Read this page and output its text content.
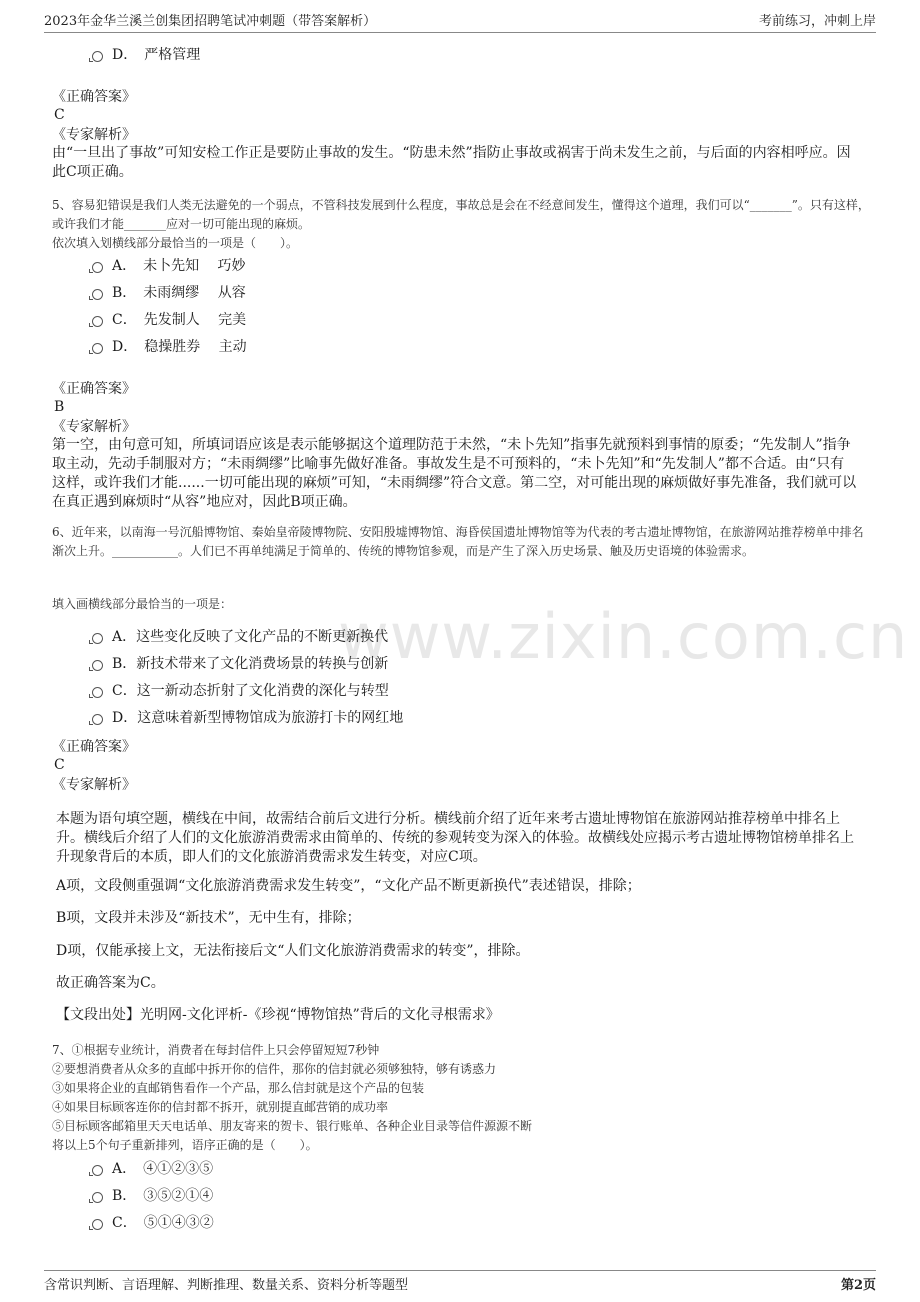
2023年金华兰溪兰创集团招聘笔试冲刺题（带答案解析）	考前练习，冲刺上岸
www.zixin.com.cn
D．　严格管理
《正确答案》
C
《专家解析》
由“一旦出了事故”可知安检工作正是要防止事故的发生。“防患未然”指防止事故或祸害于尚未发生之前，与后面的内容相呼应。因此C项正确。
5、容易犯错误是我们人类无法避免的一个弱点，不管科技发展到什么程度，事故总是会在不经意间发生，懂得这个道理，我们可以“_______”。只有这样，或许我们才能_______应对一切可能出现的麻烦。
依次填入划横线部分最恰当的一项是（　　）。
A．　未卜先知　 巧妙
B．　未雨绸缪　 从容
C．　先发制人　 完美
D．　稳操胜券　 主动
《正确答案》
B
《专家解析》
第一空，由句意可知，所填词语应该是表示能够据这个道理防范于未然，“未卜先知”指事先就预料到事情的原委；“先发制人”指争取主动，先动手制服对方；“未雨绸缪”比喻事先做好准备。事故发生是不可预料的，“未卜先知”和“先发制人”都不合适。由“只有这样，或许我们才能......一切可能出现的麻烦”可知，“未雨绸缪”符合文意。第二空，对可能出现的麻烦做好事先准备，我们就可以在真正遇到麻烦时“从容”地应对，因此B项正确。
6、近年来，以南海一号沉船博物馆、秦始皇帝陵博物院、安阳殷墟博物馆、海昏侯国遗址博物馆等为代表的考古遗址博物馆，在旅游网站推荐榜单中排名渐次上升。___________。人们已不再单纯满足于简单的、传统的博物馆参观，而是产生了深入历史场景、触及历史语境的体验需求。
填入画横线部分最恰当的一项是：
A．这些变化反映了文化产品的不断更新换代
B．新技术带来了文化消费场景的转换与创新
C．这一新动态折射了文化消费的深化与转型
D．这意味着新型博物馆成为旅游打卡的网红地
《正确答案》
C
《专家解析》
本题为语句填空题，横线在中间，故需结合前后文进行分析。横线前介绍了近年来考古遗址博物馆在旅游网站推荐榜单中排名上升。横线后介绍了人们的文化旅游消费需求由简单的、传统的参观转变为深入的体验。故横线处应揭示考古遗址博物馆榜单排名上升现象背后的本质，即人们的文化旅游消费需求发生转变，对应C项。
A项，文段侧重强调“文化旅游消费需求发生转变”，“文化产品不断更新换代”表述错误，排除；
B项，文段并未涉及“新技术”，无中生有，排除；
D项，仅能承接上文，无法衔接后文“人们文化旅游消费需求的转变”，排除。
故正确答案为C。
【文段出处】光明网-文化评析-《珍视“博物馆热”背后的文化寻根需求》
7、①根据专业统计，消费者在每封信件上只会停留短短7秒钟
②要想消费者从众多的直邮中拆开你的信件，那你的信封就必须够独特，够有诱惑力
③如果将企业的直邮销售看作一个产品，那么信封就是这个产品的包装
④如果目标顾客连你的信封都不拆开，就别提直邮营销的成功率
⑤目标顾客邮箱里天天电话单、朋友寄来的贺卡、银行账单、各种企业目录等信件源源不断
将以上5个句子重新排列，语序正确的是（　　）。
A．　④①②③⑤
B．　③⑤②①④
C．　⑤①④③②
含常识判断、言语理解、判断推理、数量关系、资料分析等题型	第2页
